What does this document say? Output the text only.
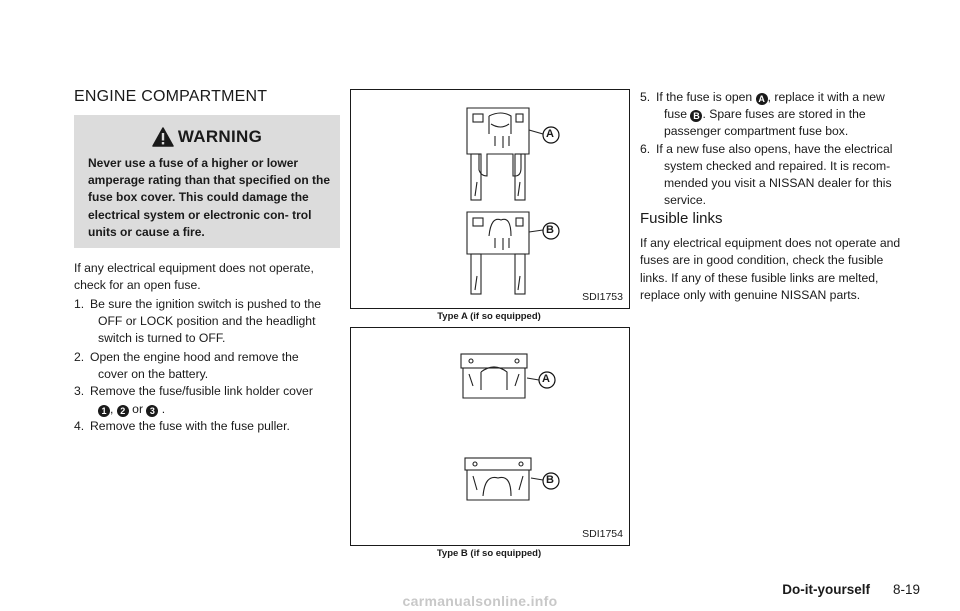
ENGINE COMPARTMENT
WARNING
Never use a fuse of a higher or lower amperage rating than that specified on the fuse box cover. This could damage the electrical system or electronic con- trol units or cause a fire.
If any electrical equipment does not operate, check for an open fuse.
1. Be sure the ignition switch is pushed to the
OFF or LOCK position and the headlight
switch is turned to OFF.
2. Open the engine hood and remove the
cover on the battery.
3. Remove the fuse/fusible link holder cover
1 , 2 or 3 .
4. Remove the fuse with the fuse puller.
A
B
SDI1753
Type A (if so equipped)
A
B
SDI1754
Type B (if so equipped)
5. If the fuse is open A , replace it with a new
fuse B . Spare fuses are stored in the
passenger compartment fuse box.
6. If a new fuse also opens, have the electrical
system checked and repaired. It is recom-
mended you visit a NISSAN dealer for this
service.
Fusible links
If any electrical equipment does not operate and fuses are in good condition, check the fusible links. If any of these fusible links are melted, replace only with genuine NISSAN parts.
Do-it-yourself 8-19
carmanualsonline.info
